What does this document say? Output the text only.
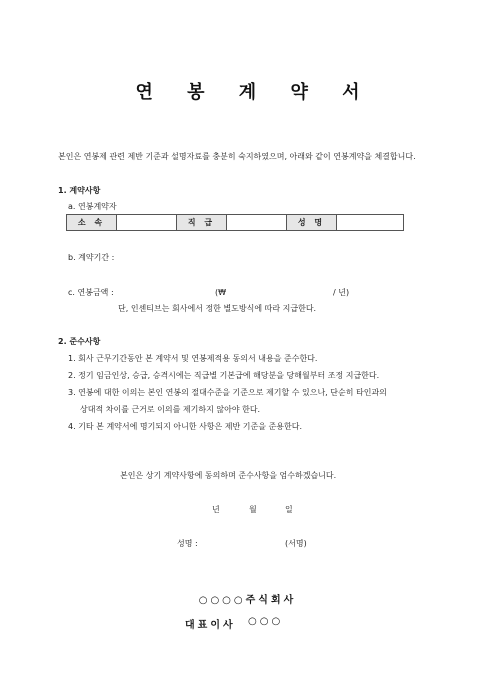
연 봉 계 약 서
본인은 연봉제 관련 제반 기준과 설명자료를 충분히 숙지하였으며, 아래와 같이 연봉계약을 체결합니다.
1. 계약사항
a. 연봉계약자
소 속		직 급		성 명	
b. 계약기간 :
c. 연봉금액 :	(₩	/ 년)
단, 인센티브는 회사에서 정한 별도방식에 따라 지급한다.
2. 준수사항
1. 회사 근무기간동안 본 계약서 및 연봉제적용 동의서 내용을 준수한다.
2. 정기 임금인상, 승급, 승격시에는 직급별 기본급에 해당분을 당해월부터 조정 지급한다.
3. 연봉에 대한 이의는 본인 연봉의 절대수준을 기준으로 제기할 수 있으나, 단순히 타인과의
상대적 차이를 근거로 이의를 제기하지 않아야 한다.
4. 기타 본 계약서에 명기되지 아니한 사항은 제반 기준을 준용한다.
본인은 상기 계약사항에 동의하며 준수사항을 엄수하겠습니다.
년	월	일
성명 :	(서명)
○○○○주식회사
대표이사 ○○○
